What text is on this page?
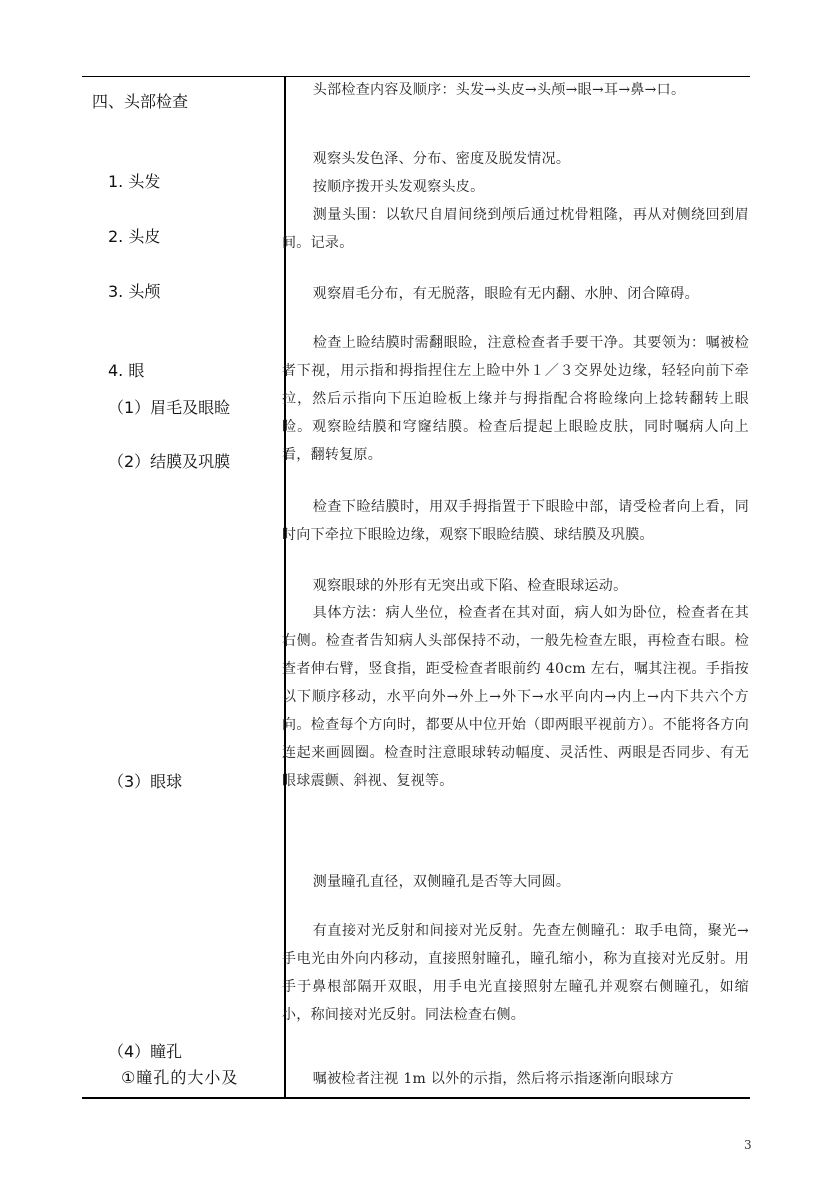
四、头部检查
1. 头发
2. 头皮
3. 头颅
4. 眼
（1）眉毛及眼睑
（2）结膜及巩膜
（3）眼球
（4）瞳孔
①瞳孔的大小及

头部检查内容及顺序：头发→头皮→头颅→眼→耳→鼻→口。

观察头发色泽、分布、密度及脱发情况。

按顺序拨开头发观察头皮。

测量头围：以软尺自眉间绕到颅后通过枕骨粗隆，再从对侧绕回到眉间。记录。

观察眉毛分布，有无脱落，眼睑有无内翻、水肿、闭合障碍。

检查上睑结膜时需翻眼睑，注意检查者手要干净。其要领为：嘱被检者下视，用示指和拇指捏住左上睑中外１／３交界处边缘，轻轻向前下牵拉，然后示指向下压迫睑板上缘并与拇指配合将睑缘向上捻转翻转上眼睑。观察睑结膜和穹窿结膜。检查后提起上眼睑皮肤，同时嘱病人向上看，翻转复原。

检查下睑结膜时，用双手拇指置于下眼睑中部，请受检者向上看，同时向下牵拉下眼睑边缘，观察下眼睑结膜、球结膜及巩膜。

观察眼球的外形有无突出或下陷、检查眼球运动。

具体方法：病人坐位，检查者在其对面，病人如为卧位，检查者在其右侧。检查者告知病人头部保持不动，一般先检查左眼，再检查右眼。检查者伸右臂，竖食指，距受检查者眼前约 40cm 左右，嘱其注视。手指按以下顺序移动，水平向外→外上→外下→水平向内→内上→内下共六个方向。检查每个方向时，都要从中位开始（即两眼平视前方）。不能将各方向连起来画圆圈。检查时注意眼球转动幅度、灵活性、两眼是否同步、有无眼球震颤、斜视、复视等。

测量瞳孔直径，双侧瞳孔是否等大同圆。

有直接对光反射和间接对光反射。先查左侧瞳孔：取手电筒，聚光→手电光由外向内移动，直接照射瞳孔，瞳孔缩小，称为直接对光反射。用手于鼻根部隔开双眼，用手电光直接照射左瞳孔并观察右侧瞳孔，如缩小，称间接对光反射。同法检查右侧。

嘱被检者注视 1m 以外的示指，然后将示指逐渐向眼球方

3
